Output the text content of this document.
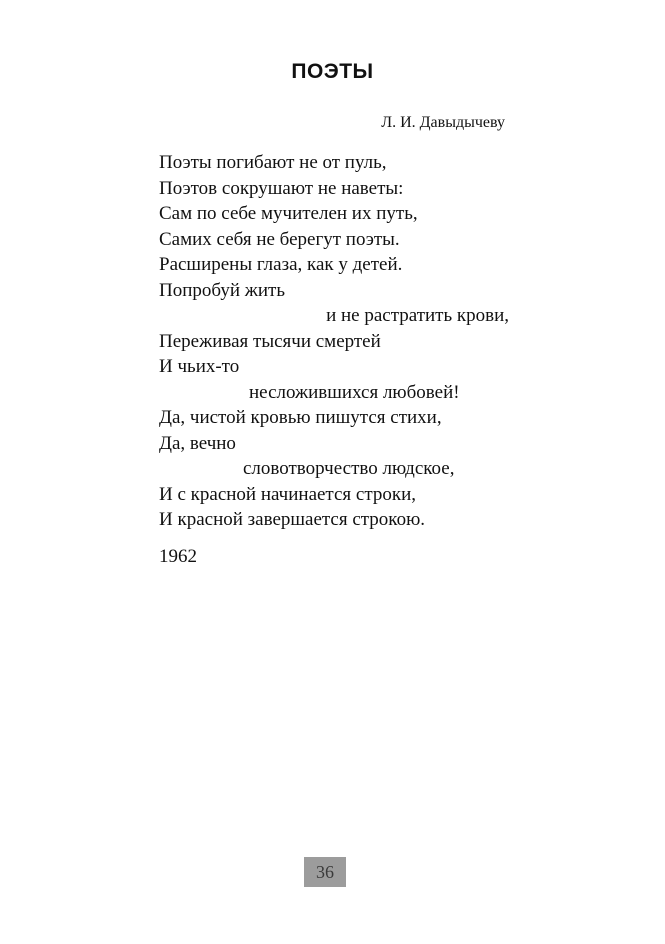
ПОЭТЫ
Л. И. Давыдычеву
Поэты погибают не от пуль,
Поэтов сокрушают не наветы:
Сам по себе мучителен их путь,
Самих себя не берегут поэты.
Расширены глаза, как у детей.
Попробуй жить
и не растратить крови,
Переживая тысячи смертей
И чьих-то
несложившихся любовей!
Да, чистой кровью пишутся стихи,
Да, вечно
словотворчество людское,
И с красной начинается строки,
И красной завершается строкою.
1962
36
